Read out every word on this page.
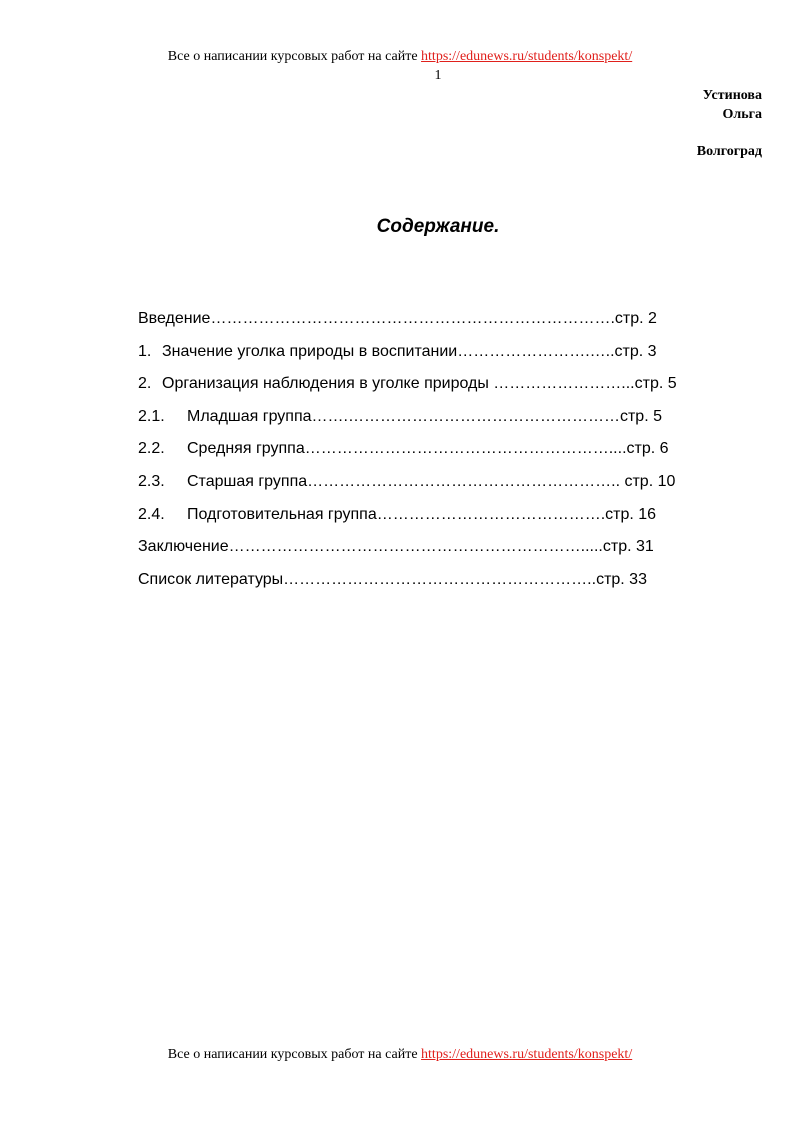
Все о написании курсовых работ на сайте https://edunews.ru/students/konspekt/
1
Устинова
Ольга
Волгоград
Содержание.
Введение………………………………………………………………….стр. 2
1. Значение уголка природы в воспитании…………………….…..стр. 3
2. Организация наблюдения в уголке природы ……………………...стр. 5
2.1.	Младшая группа…….……………………………………………стр. 5
2.2.	Средняя группа…………………………………………………....стр. 6
2.3.	Старшая группа………………………………………………….. стр. 10
2.4.	Подготовительная группа…………………………………….стр. 16
Заключение………………………………………………………….....стр. 31
Список литературы…………………………………………………..стр. 33
Все о написании курсовых работ на сайте https://edunews.ru/students/konspekt/
